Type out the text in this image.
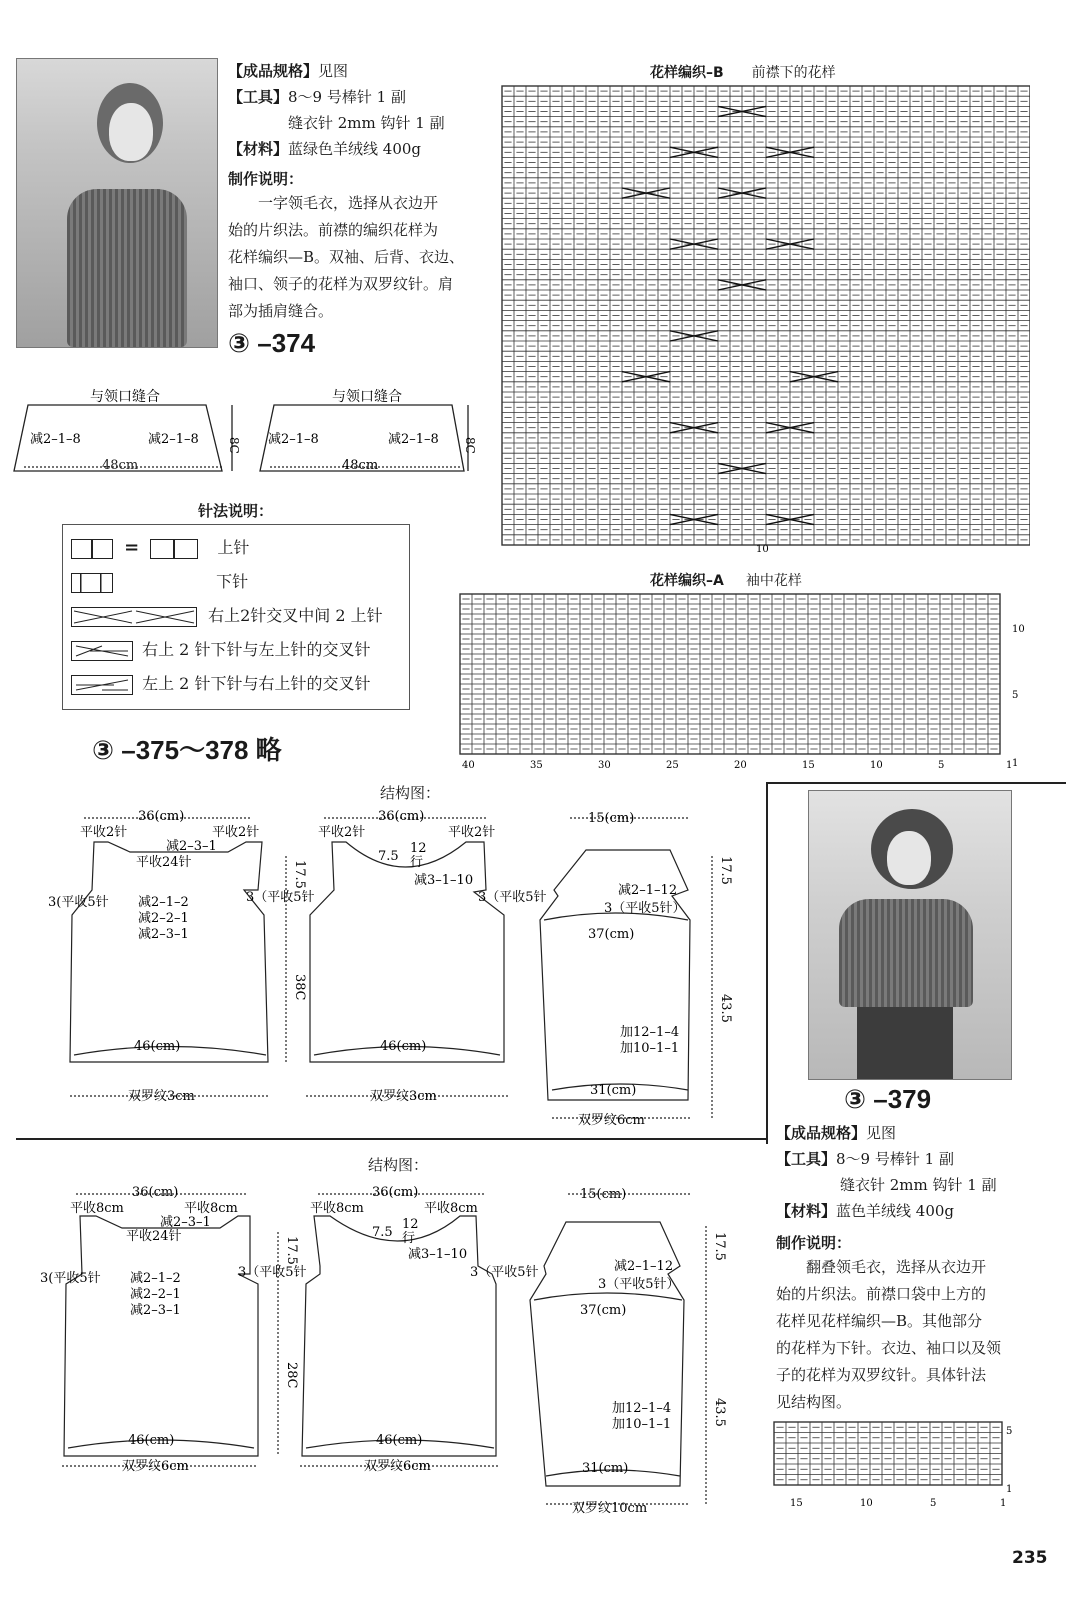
【成品规格】见图
【工具】8～9 号棒针 1 副
缝衣针 2mm 钩针 1 副
【材料】蓝绿色羊绒线 400g
制作说明：
一字领毛衣，选择从衣边开
始的片织法。前襟的编织花样为
花样编织—B。双袖、后背、衣边、
袖口、领子的花样为双罗纹针。肩
部为插肩缝合。
③ –374
与领口缝合
减2–1–8	减2–1–8 8C
48cm
与领口缝合
减2–1–8	减2–1–8 8C
48cm
针法说明：
=	上针
下针
右上2针交叉中间 2 上针
右上 2 针下针与左上针的交叉针
左上 2 针下针与右上针的交叉针
③ –375～378 略
花样编织–B 前襟下的花样
10
花样编织–A 袖中花样
40	35	30	25	20	15	10	5	1
10
5
1
③ –379
结构图：
36(cm)
平收2针	平收2针
减2–3–1
平收24针
3(平收5针	3（平收5针
减2–1–2
减2–2–1
减2–3–1
17.5
38C
46(cm)
双罗纹3cm
36(cm)
平收2针	平收2针
7.5
12
行
减3–1–10
3（平收5针
46(cm)
双罗纹3cm
15(cm)
减2–1–12
3（平收5针）
37(cm)
17.5
43.5
加12–1–4
加10–1–1
31(cm)
双罗纹6cm
结构图：
36(cm)
平收8cm	平收8cm
减2–3–1
平收24针
3(平收5针	3（平收5针
减2–1–2
减2–2–1
减2–3–1
17.5
28C
46(cm)
双罗纹6cm
36(cm)
平收8cm	平收8cm
7.5
12
行
减3–1–10
3（平收5针
46(cm)
双罗纹6cm
15(cm)
减2–1–12
3（平收5针）
37(cm)
17.5
43.5
加12–1–4
加10–1–1
31(cm)
双罗纹10cm
【成品规格】见图
【工具】8～9 号棒针 1 副
缝衣针 2mm 钩针 1 副
【材料】蓝色羊绒线 400g
制作说明：
翻叠领毛衣，选择从衣边开
始的片织法。前襟口袋中上方的
花样见花样编织—B。其他部分
的花样为下针。衣边、袖口以及领
子的花样为双罗纹针。具体针法
见结构图。
15	10	5	1
5
1
235
